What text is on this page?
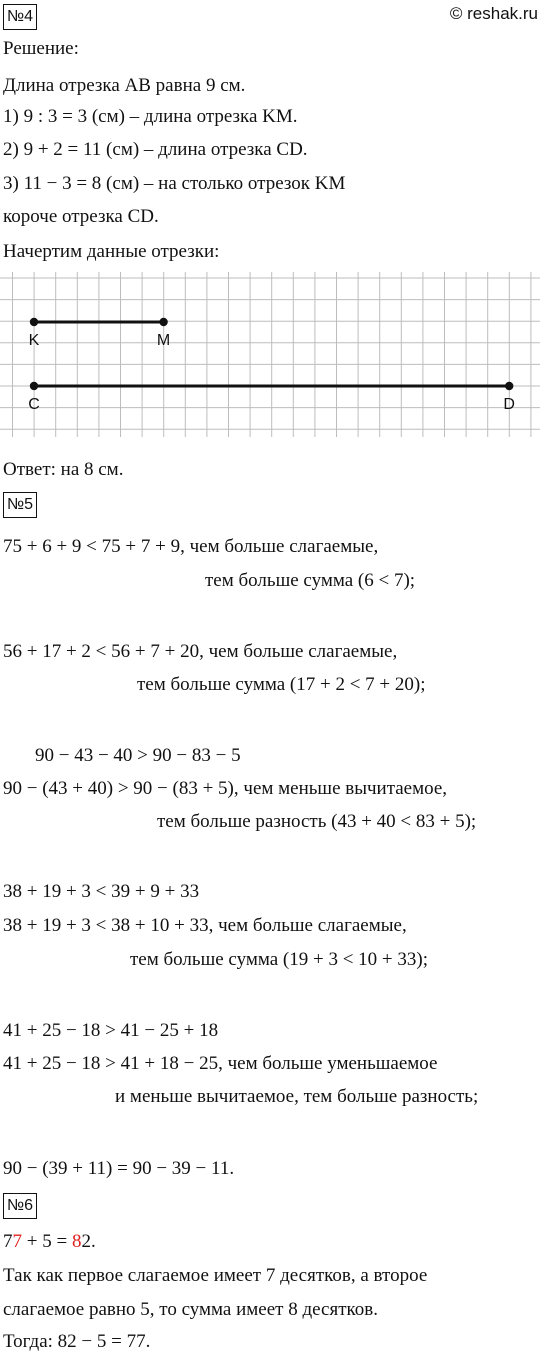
№4	© reshak.ru
Решение:
Длина отрезка AB равна 9 см.
1) 9 : 3 = 3 (см) – длина отрезка KM.
2) 9 + 2 = 11 (см) – длина отрезка CD.
3) 11 − 3 = 8 (см) – на столько отрезок KM
короче отрезка CD.
Начертим данные отрезки:
K	M
C	D
Ответ: на 8 см.
№5
75 + 6 + 9 < 75 + 7 + 9, чем больше слагаемые,
тем больше сумма (6 < 7);
56 + 17 + 2 < 56 + 7 + 20, чем больше слагаемые,
тем больше сумма (17 + 2 < 7 + 20);
90 − 43 − 40 > 90 − 83 − 5
90 − (43 + 40) > 90 − (83 + 5), чем меньше вычитаемое,
тем больше разность (43 + 40 < 83 + 5);
38 + 19 + 3 < 39 + 9 + 33
38 + 19 + 3 < 38 + 10 + 33, чем больше слагаемые,
тем больше сумма (19 + 3 < 10 + 33);
41 + 25 − 18 > 41 − 25 + 18
41 + 25 − 18 > 41 + 18 − 25, чем больше уменьшаемое
и меньше вычитаемое, тем больше разность;
90 − (39 + 11) = 90 − 39 − 11.
№6
77 + 5 = 82.
Так как первое слагаемое имеет 7 десятков, а второе
слагаемое равно 5, то сумма имеет 8 десятков.
Тогда: 82 − 5 = 77.
